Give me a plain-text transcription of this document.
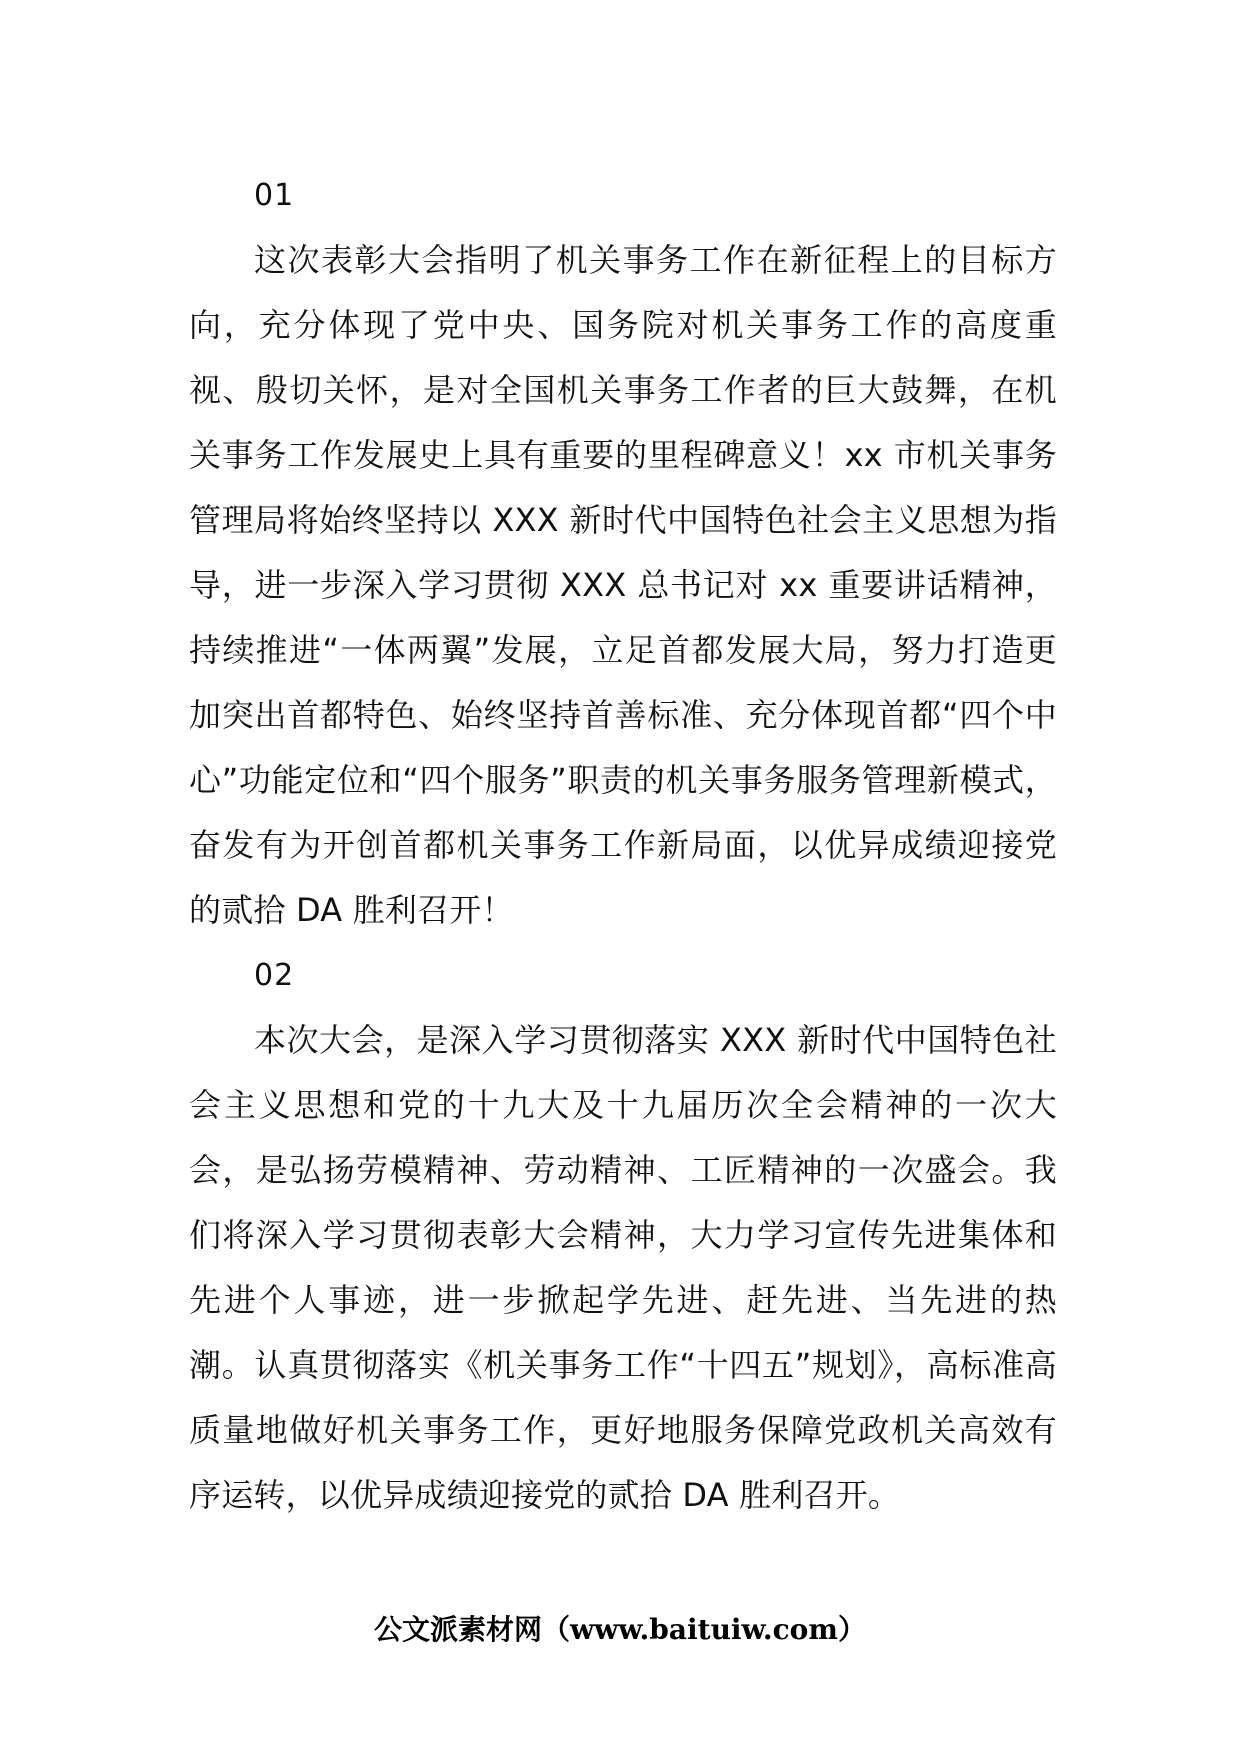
01

这次表彰大会指明了机关事务工作在新征程上的目标方向，充分体现了党中央、国务院对机关事务工作的高度重视、殷切关怀，是对全国机关事务工作者的巨大鼓舞，在机关事务工作发展史上具有重要的里程碑意义！xx 市机关事务管理局将始终坚持以 XXX 新时代中国特色社会主义思想为指导，进一步深入学习贯彻 XXX 总书记对 xx 重要讲话精神，持续推进“一体两翼”发展，立足首都发展大局，努力打造更加突出首都特色、始终坚持首善标准、充分体现首都“四个中心”功能定位和“四个服务”职责的机关事务服务管理新模式，奋发有为开创首都机关事务工作新局面，以优异成绩迎接党的贰拾 DA 胜利召开！

02

本次大会，是深入学习贯彻落实 XXX 新时代中国特色社会主义思想和党的十九大及十九届历次全会精神的一次大会，是弘扬劳模精神、劳动精神、工匠精神的一次盛会。我们将深入学习贯彻表彰大会精神，大力学习宣传先进集体和先进个人事迹，进一步掀起学先进、赶先进、当先进的热潮。认真贯彻落实《机关事务工作“十四五”规划》，高标准高质量地做好机关事务工作，更好地服务保障党政机关高效有序运转，以优异成绩迎接党的贰拾 DA 胜利召开。

公文派素材网（www.baituiw.com）
